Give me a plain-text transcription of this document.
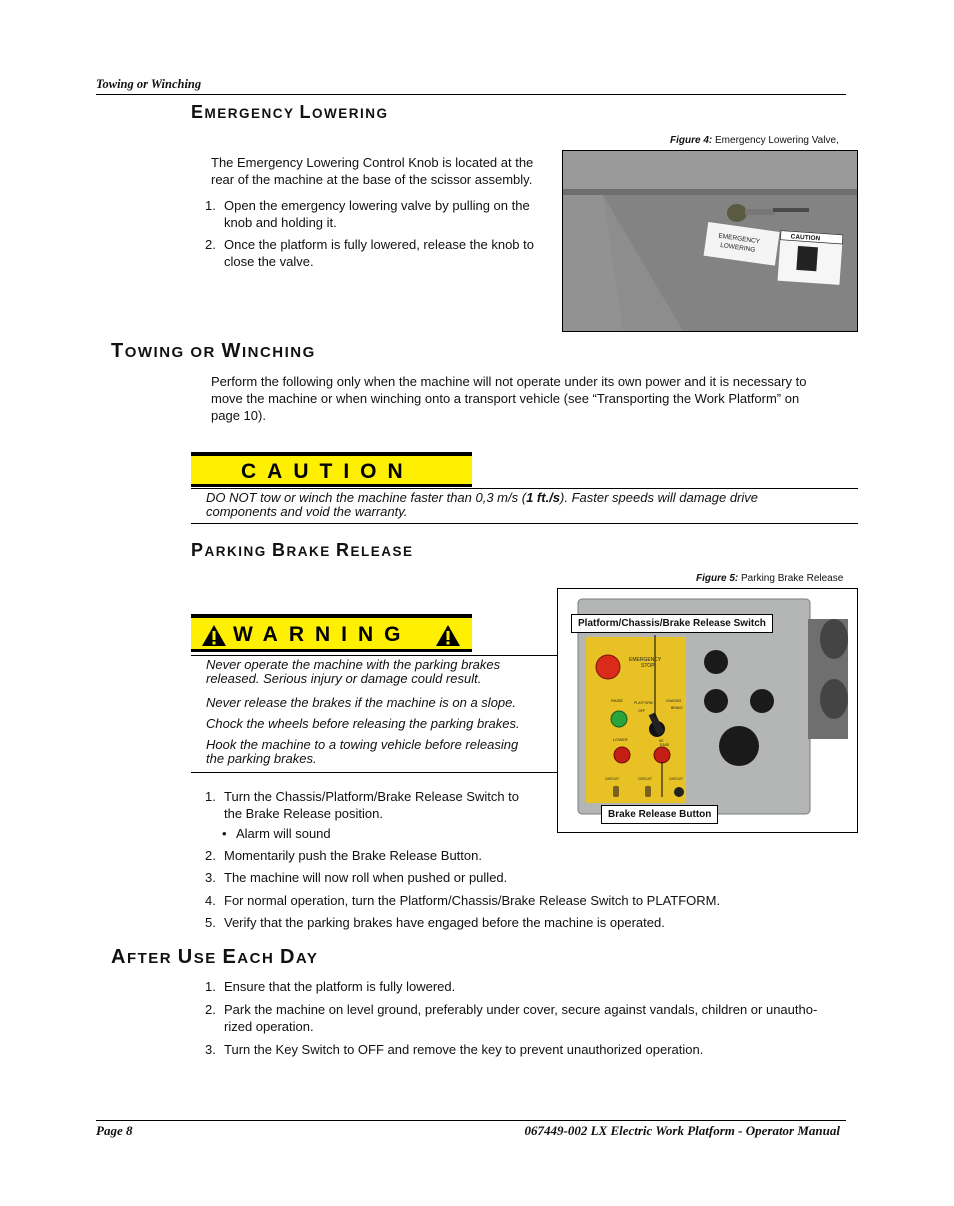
Towing or Winching
EMERGENCY LOWERING
Figure 4: Emergency Lowering Valve,
The Emergency Lowering Control Knob is located at the
rear of the machine at the base of the scissor assembly.
1. Open the emergency lowering valve by pulling on the
knob and holding it.
2. Once the platform is fully lowered, release the knob to
close the valve.
EMERGENCY
LOWERING
CAUTION
TOWING OR WINCHING
Perform the following only when the machine will not operate under its own power and it is necessary to
move the machine or when winching onto a transport vehicle (see “Transporting the Work Platform” on
page 10).
CAUTION
DO NOT tow or winch the machine faster than 0,3 m/s (1 ft./s). Faster speeds will damage drive
components and void the warranty.
PARKING BRAKE RELEASE
Figure 5: Parking Brake Release
WARNING
Never operate the machine with the parking brakes
released. Serious injury or damage could result.
Never release the brakes if the machine is on a slope.
Chock the wheels before releasing the parking brakes.
Hook the machine to a towing vehicle before releasing
the parking brakes.
EMERGENCY
STOP
RAISE	PLATFORM	CHASSIS
OFF
BRAKE
LOWER	KE
EASE
CIRCUIT	CIRCUIT	CIRCUIT
Platform/Chassis/Brake Release Switch
Brake Release Button
1. Turn the Chassis/Platform/Brake Release Switch to
the Brake Release position.
• Alarm will sound
2. Momentarily push the Brake Release Button.
3. The machine will now roll when pushed or pulled.
4. For normal operation, turn the Platform/Chassis/Brake Release Switch to PLATFORM.
5. Verify that the parking brakes have engaged before the machine is operated.
AFTER USE EACH DAY
1. Ensure that the platform is fully lowered.
2. Park the machine on level ground, preferably under cover, secure against vandals, children or unautho-
rized operation.
3. Turn the Key Switch to OFF and remove the key to prevent unauthorized operation.
Page 8	067449-002 LX Electric Work Platform - Operator Manual
